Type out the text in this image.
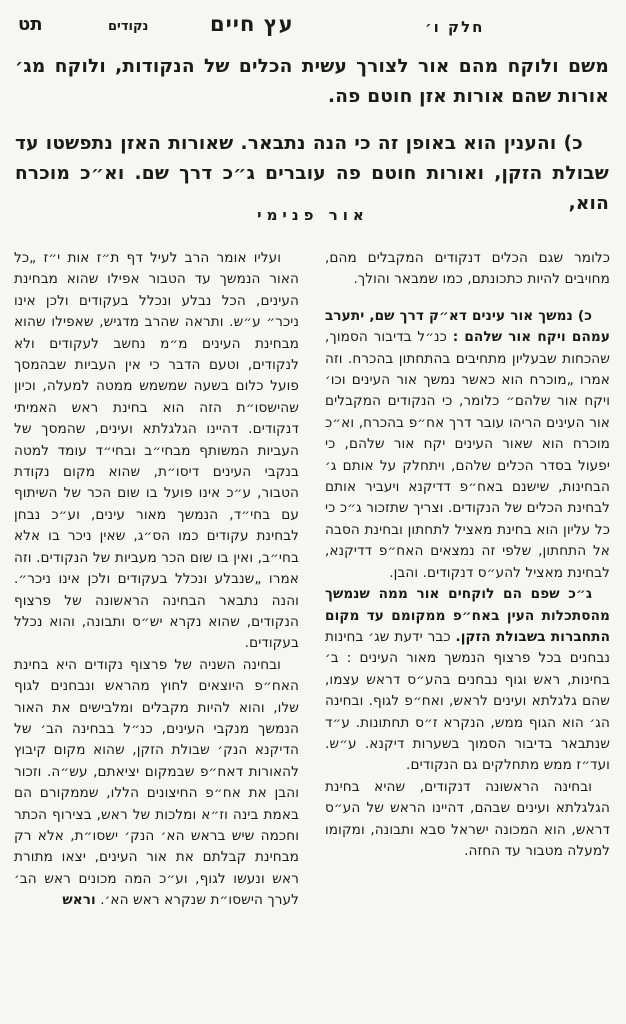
חלק ו׳
עץ חיים
נקודים
תט

משם ולוקח מהם אור לצורך עשית הכלים של הנקודות, ולוקח מג׳ אורות שהם אורות אזן חוטם פה.

כ) והענין הוא באופן זה כי הנה נתבאר. שאורות האזן נתפשטו עד שבולת הזקן, ואורות חוטם פה עוברים ג״כ דרך שם. וא״כ מוכרח הוא,

אור פנימי

כלומר שגם הכלים דנקודים המקבלים מהם, מחויבים להיות כתכונתם, כמו שמבאר והולך.

כ) נמשך אור עינים דא״ק דרך שם, יתערב עמהם ויקח אור שלהם : כנ״ל בדיבור הסמוך, שהכחות שבעליון מתחיבים בהתחתון בהכרח. וזה אמרו „מוכרח הוא כאשר נמשך אור העינים וכו׳ ויקח אור שלהם״ כלומר, כי הנקודים המקבלים אור העינים הריהו עובר דרך אח״פ בהכרח, וא״כ מוכרח הוא שאור העינים יקח אור שלהם, כי יפעול בסדר הכלים שלהם, ויתחלק על אותם ג׳ הבחינות, שישנם באח״פ דדיקנא ויעביר אותם לבחינת הכלים של הנקודים. וצריך שתזכור ג״כ כי כל עליון הוא בחינת מאציל לתחתון ובחינת הסבה אל התחתון, שלפי זה נמצאים האח״פ דדיקנא, לבחינת מאציל להע״ס דנקודים. והבן.

ג״כ שפם הם לוקחים אור ממה שנמשך מהסתכלות העין באח״פ ממקומם עד מקום התחברות בשבולת הזקן. כבר ידעת שג׳ בחינות נבחנים בכל פרצוף הנמשך מאור העינים : ב׳ בחינות, ראש וגוף נבחנים בהע״ס דראש עצמו, שהם גלגלתא ועינים לראש, ואח״פ לגוף. ובחינה הג׳ הוא הגוף ממש, הנקרא ז״ס תחתונות. ע״ד שנתבאר בדיבור הסמוך בשערות דיקנא. ע״ש. ועד״ז ממש מתחלקים גם הנקודים.

ובחינה הראשונה דנקודים, שהיא בחינת הגלגלתא ועינים שבהם, דהיינו הראש של הע״ס דראש, הוא המכונה ישראל סבא ותבונה, ומקומו למעלה מטבור עד החזה.

ועליו אומר הרב לעיל דף ת״ז אות י״ז „כל האור הנמשך עד הטבור אפילו שהוא מבחינת העינים, הכל נבלע ונכלל בעקודים ולכן אינו ניכר״ ע״ש. ותראה שהרב מדגיש, שאפילו שהוא מבחינת העינים מ״מ נחשב לעקודים ולא לנקודים, וטעם הדבר כי אין העביות שבהמסך פועל כלום בשעה שמשמש ממטה למעלה, וכיון שהישסו״ת הזה הוא בחינת ראש האמיתי דנקודים. דהיינו הגלגלתא ועינים, שהמסך של העביות המשותף מבחי״ב ובחי״ד עומד למטה בנקבי העינים דיסו״ת, שהוא מקום נקודת הטבור, ע״כ אינו פועל בו שום הכר של השיתוף עם בחי״ד, הנמשך מאור עינים, וע״כ נבחן לבחינת עקודים כמו הס״ג, שאין ניכר בו אלא בחי״ב, ואין בו שום הכר מעביות של הנקודים. וזה אמרו „שנבלע ונכלל בעקודים ולכן אינו ניכר״. והנה נתבאר הבחינה הראשונה של פרצוף הנקודים, שהוא נקרא יש״ס ותבונה, והוא נכלל בעקודים.

ובחינה השניה של פרצוף נקודים היא בחינת האח״פ היוצאים לחוץ מהראש ונבחנים לגוף שלו, והוא להיות מקבלים ומלבישים את האור הנמשך מנקבי העינים, כנ״ל בבחינה הב׳ של הדיקנא הנק׳ שבולת הזקן, שהוא מקום קיבוץ להאורות דאח״פ שבמקום יציאתם, עש״ה. וזכור והבן את אח״פ החיצונים הללו, שממקורם הם באמת בינה וז״א ומלכות של ראש, בצירוף הכתר וחכמה שיש בראש הא׳ הנק׳ ישסו״ת, אלא רק מבחינת קבלתם את אור העינים, יצאו מתורת ראש ונעשו לגוף, וע״כ המה מכונים ראש הב׳ לערך הישסו״ת שנקרא ראש הא׳. וראש
